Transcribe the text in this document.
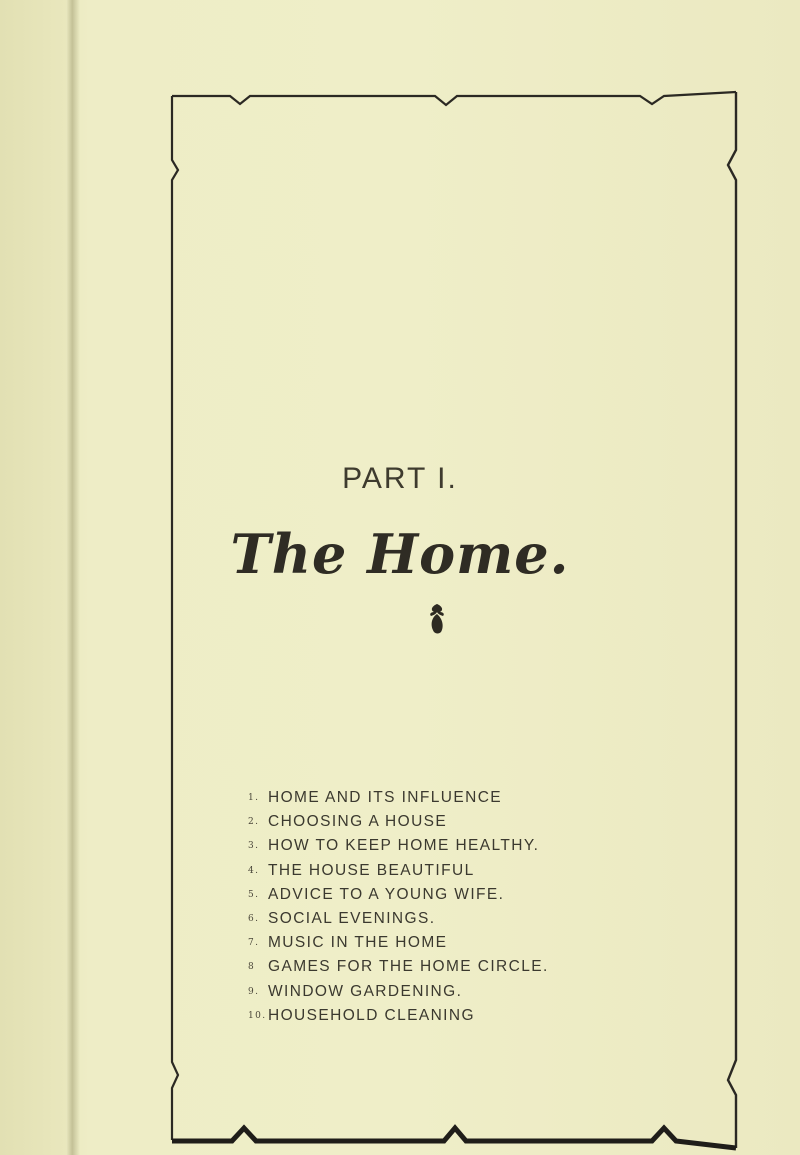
PART I.
The Home.
1. HOME AND ITS INFLUENCE
2. CHOOSING A HOUSE
3. HOW TO KEEP HOME HEALTHY.
4. THE HOUSE BEAUTIFUL
5. ADVICE TO A YOUNG WIFE.
6. SOCIAL EVENINGS.
7. MUSIC IN THE HOME
8 GAMES FOR THE HOME CIRCLE.
9. WINDOW GARDENING.
10. HOUSEHOLD CLEANING
